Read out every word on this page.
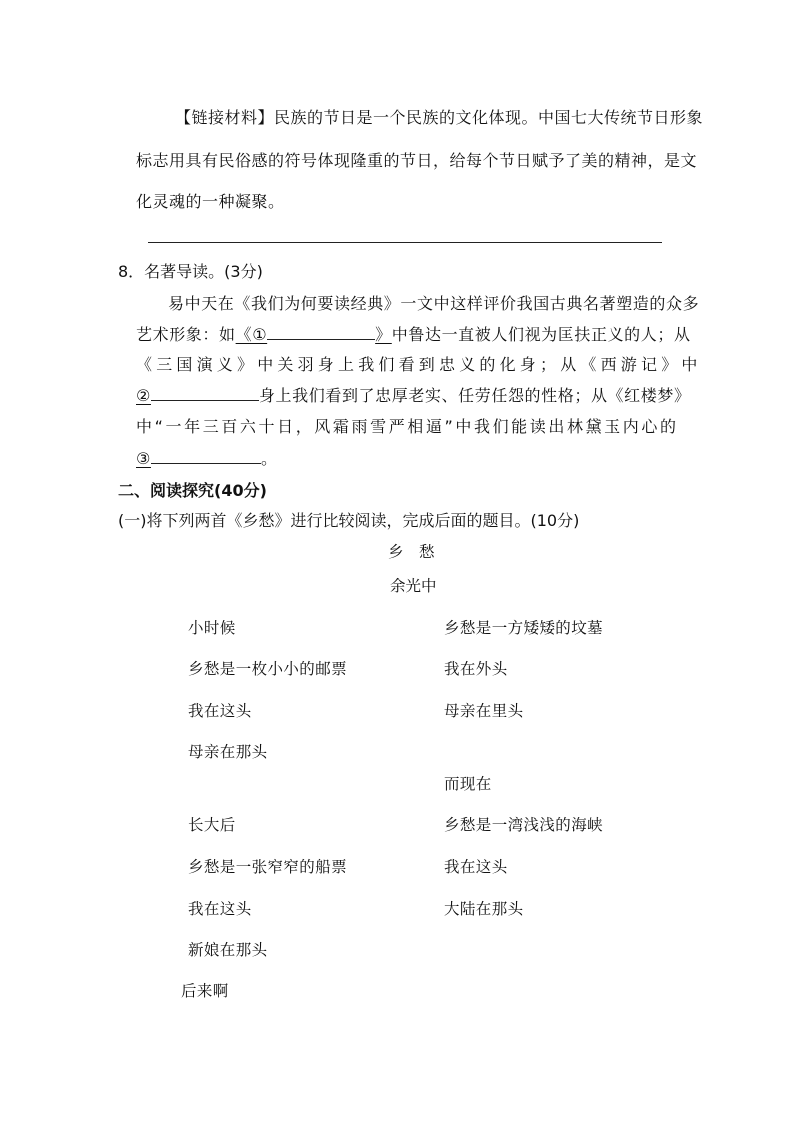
【链接材料】民族的节日是一个民族的文化体现。中国七大传统节日形象
标志用具有民俗感的符号体现隆重的节日，给每个节日赋予了美的精神，是文
化灵魂的一种凝聚。
8．名著导读。(3分)
易中天在《我们为何要读经典》一文中这样评价我国古典名著塑造的众多
艺术形象：如《①	》中鲁达一直被人们视为匡扶正义的人；从
《三国演义》中关羽身上我们看到忠义的化身；从《西游记》中
②	身上我们看到了忠厚老实、任劳任怨的性格；从《红楼梦》
中“一年三百六十日，风霜雨雪严相逼”中我们能读出林黛玉内心的
③	。
二、阅读探究(40分)
(一)将下列两首《乡愁》进行比较阅读，完成后面的题目。(10分)
乡　愁
余光中
小时候
乡愁是一枚小小的邮票
我在这头
母亲在那头
长大后
乡愁是一张窄窄的船票
我在这头
新娘在那头
后来啊
乡愁是一方矮矮的坟墓
我在外头
母亲在里头
而现在
乡愁是一湾浅浅的海峡
我在这头
大陆在那头
